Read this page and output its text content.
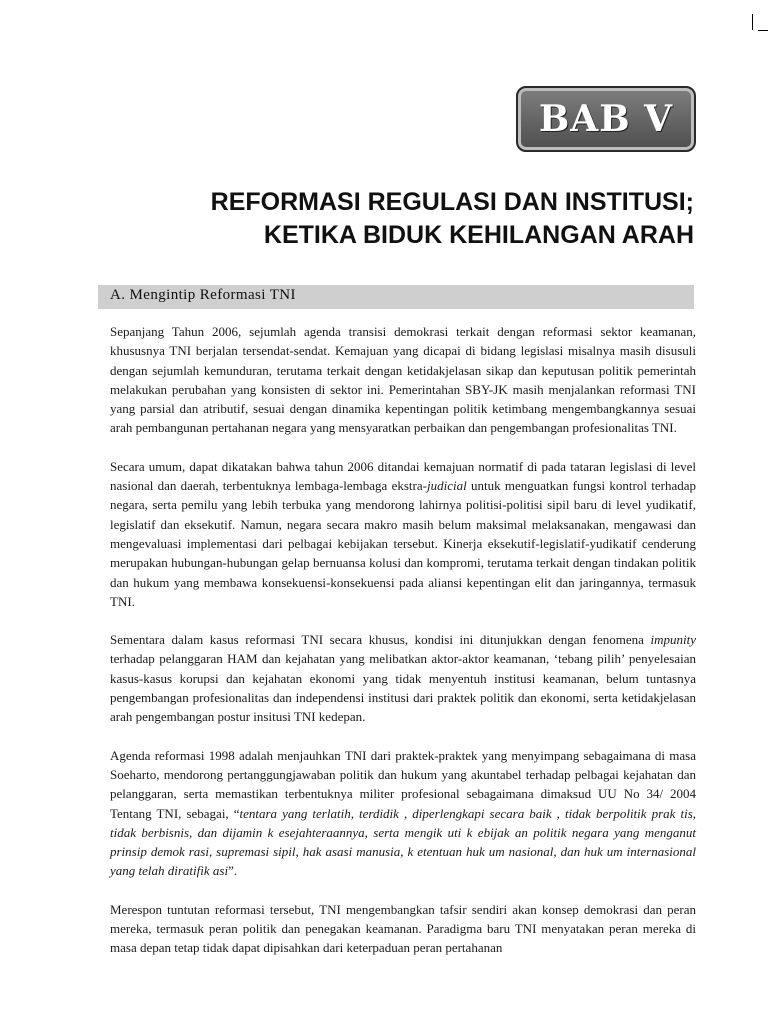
BAB V
REFORMASI REGULASI DAN INSTITUSI;
KETIKA BIDUK KEHILANGAN ARAH
A. Mengintip Reformasi TNI

Sepanjang Tahun 2006, sejumlah agenda transisi demokrasi terkait dengan reformasi sektor keamanan, khususnya TNI berjalan tersendat-sendat. Kemajuan yang dicapai di bidang legislasi misalnya masih disusuli dengan sejumlah kemunduran, terutama terkait dengan ketidakjelasan sikap dan keputusan politik pemerintah melakukan perubahan yang konsisten di sektor ini. Pemerintahan SBY-JK masih menjalankan reformasi TNI yang parsial dan atributif, sesuai dengan dinamika kepentingan politik ketimbang mengembangkannya sesuai arah pembangunan pertahanan negara yang mensyaratkan perbaikan dan pengembangan profesionalitas TNI.

Secara umum, dapat dikatakan bahwa tahun 2006 ditandai kemajuan normatif di pada tataran legislasi di level nasional dan daerah, terbentuknya lembaga-lembaga ekstra-judicial untuk menguatkan fungsi kontrol terhadap negara, serta pemilu yang lebih terbuka yang mendorong lahirnya politisi-politisi sipil baru di level yudikatif, legislatif dan eksekutif. Namun, negara secara makro masih belum maksimal melaksanakan, mengawasi dan mengevaluasi implementasi dari pelbagai kebijakan tersebut. Kinerja eksekutif-legislatif-yudikatif cenderung merupakan hubungan-hubungan gelap bernuansa kolusi dan kompromi, terutama terkait dengan tindakan politik dan hukum yang membawa konsekuensi-konsekuensi pada aliansi kepentingan elit dan jaringannya, termasuk TNI.

Sementara dalam kasus reformasi TNI secara khusus, kondisi ini ditunjukkan dengan fenomena impunity terhadap pelanggaran HAM dan kejahatan yang melibatkan aktor-aktor keamanan, ‘tebang pilih’ penyelesaian kasus-kasus korupsi dan kejahatan ekonomi yang tidak menyentuh institusi keamanan, belum tuntasnya pengembangan profesionalitas dan independensi institusi dari praktek politik dan ekonomi, serta ketidakjelasan arah pengembangan postur insitusi TNI kedepan.

Agenda reformasi 1998 adalah menjauhkan TNI dari praktek-praktek yang menyimpang sebagaimana di masa Soeharto, mendorong pertanggungjawaban politik dan hukum yang akuntabel terhadap pelbagai kejahatan dan pelanggaran, serta memastikan terbentuknya militer profesional sebagaimana dimaksud UU No 34/ 2004 Tentang TNI, sebagai, “tentara yang terlatih, terdidik , diperlengkapi secara baik , tidak berpolitik prak tis, tidak berbisnis, dan dijamin k esejahteraannya, serta mengik uti k ebijak an politik negara yang menganut prinsip demok rasi, supremasi sipil, hak asasi manusia, k etentuan huk um nasional, dan huk um internasional yang telah diratifik asi”.

Merespon tuntutan reformasi tersebut, TNI mengembangkan tafsir sendiri akan konsep demokrasi dan peran mereka, termasuk peran politik dan penegakan keamanan. Paradigma baru TNI menyatakan peran mereka di masa depan tetap tidak dapat dipisahkan dari keterpaduan peran pertahanan
